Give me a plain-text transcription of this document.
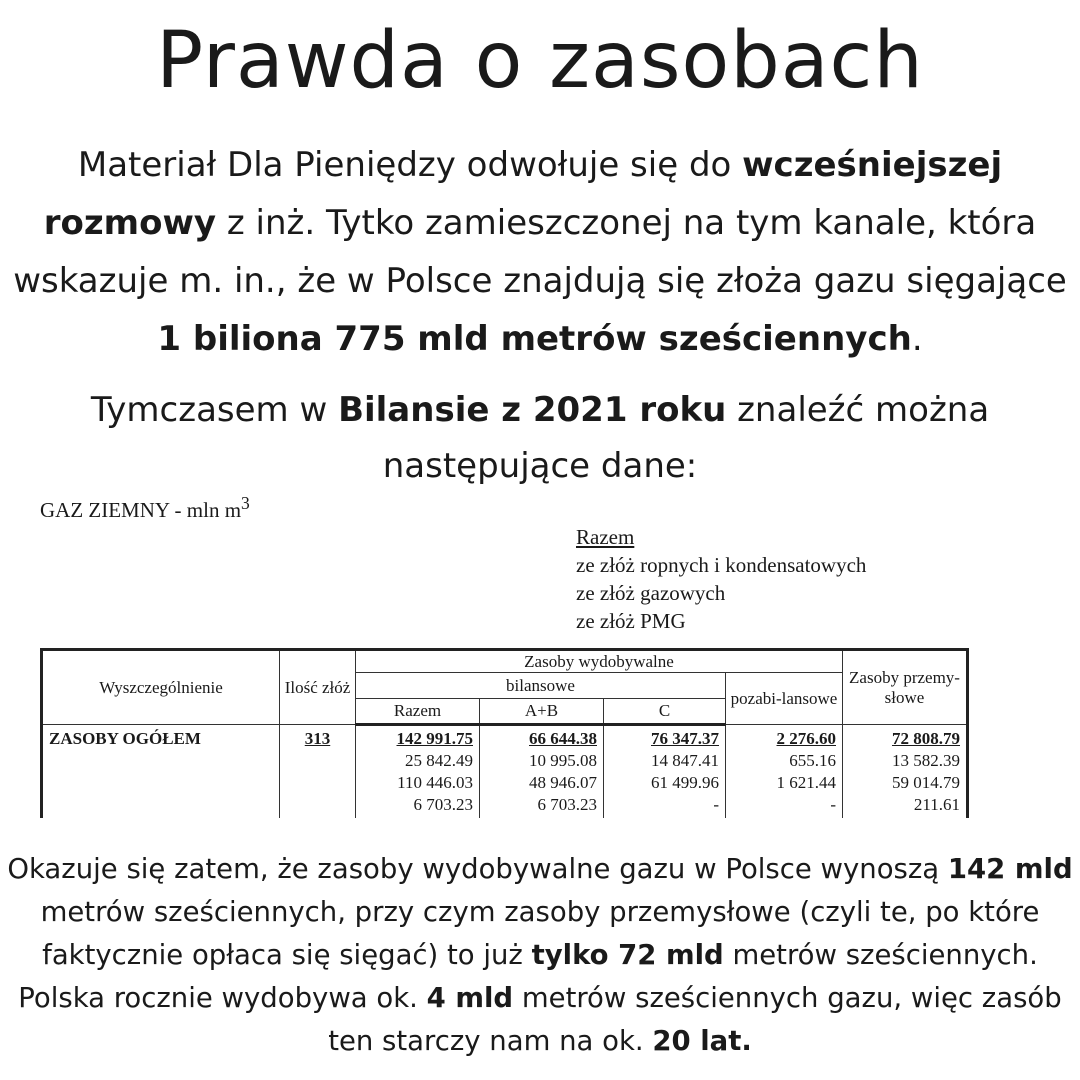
Prawda o zasobach

Materiał Dla Pieniędzy odwołuje się do wcześniejszej rozmowy z inż. Tytko zamieszczonej na tym kanale, która wskazuje m. in., że w Polsce znajdują się złoża gazu sięgające 1 biliona 775 mld metrów sześciennych.

Tymczasem w Bilansie z 2021 roku znaleźć można następujące dane:

GAZ ZIEMNY - mln $m^3$

Razem
ze złóż ropnych i kondensatowych
ze złóż gazowych
ze złóż PMG
Wyszczególnienie	Ilość złóż	Zasoby wydobywalne				Zasoby przemy-słowe
		bilansowe			pozabi-lansowe	
		Razem	A+B	C		
ZASOBY OGÓŁEM	313	142 991.75	66 644.38	76 347.37	2 276.60	72 808.79
		25 842.49	10 995.08	14 847.41	655.16	13 582.39
		110 446.03	48 946.07	61 499.96	1 621.44	59 014.79
		6 703.23	6 703.23	-	-	211.61

Okazuje się zatem, że zasoby wydobywalne gazu w Polsce wynoszą 142 mld metrów sześciennych, przy czym zasoby przemysłowe (czyli te, po które faktycznie opłaca się sięgać) to już tylko 72 mld metrów sześciennych. Polska rocznie wydobywa ok. 4 mld metrów sześciennych gazu, więc zasób ten starczy nam na ok. 20 lat.
